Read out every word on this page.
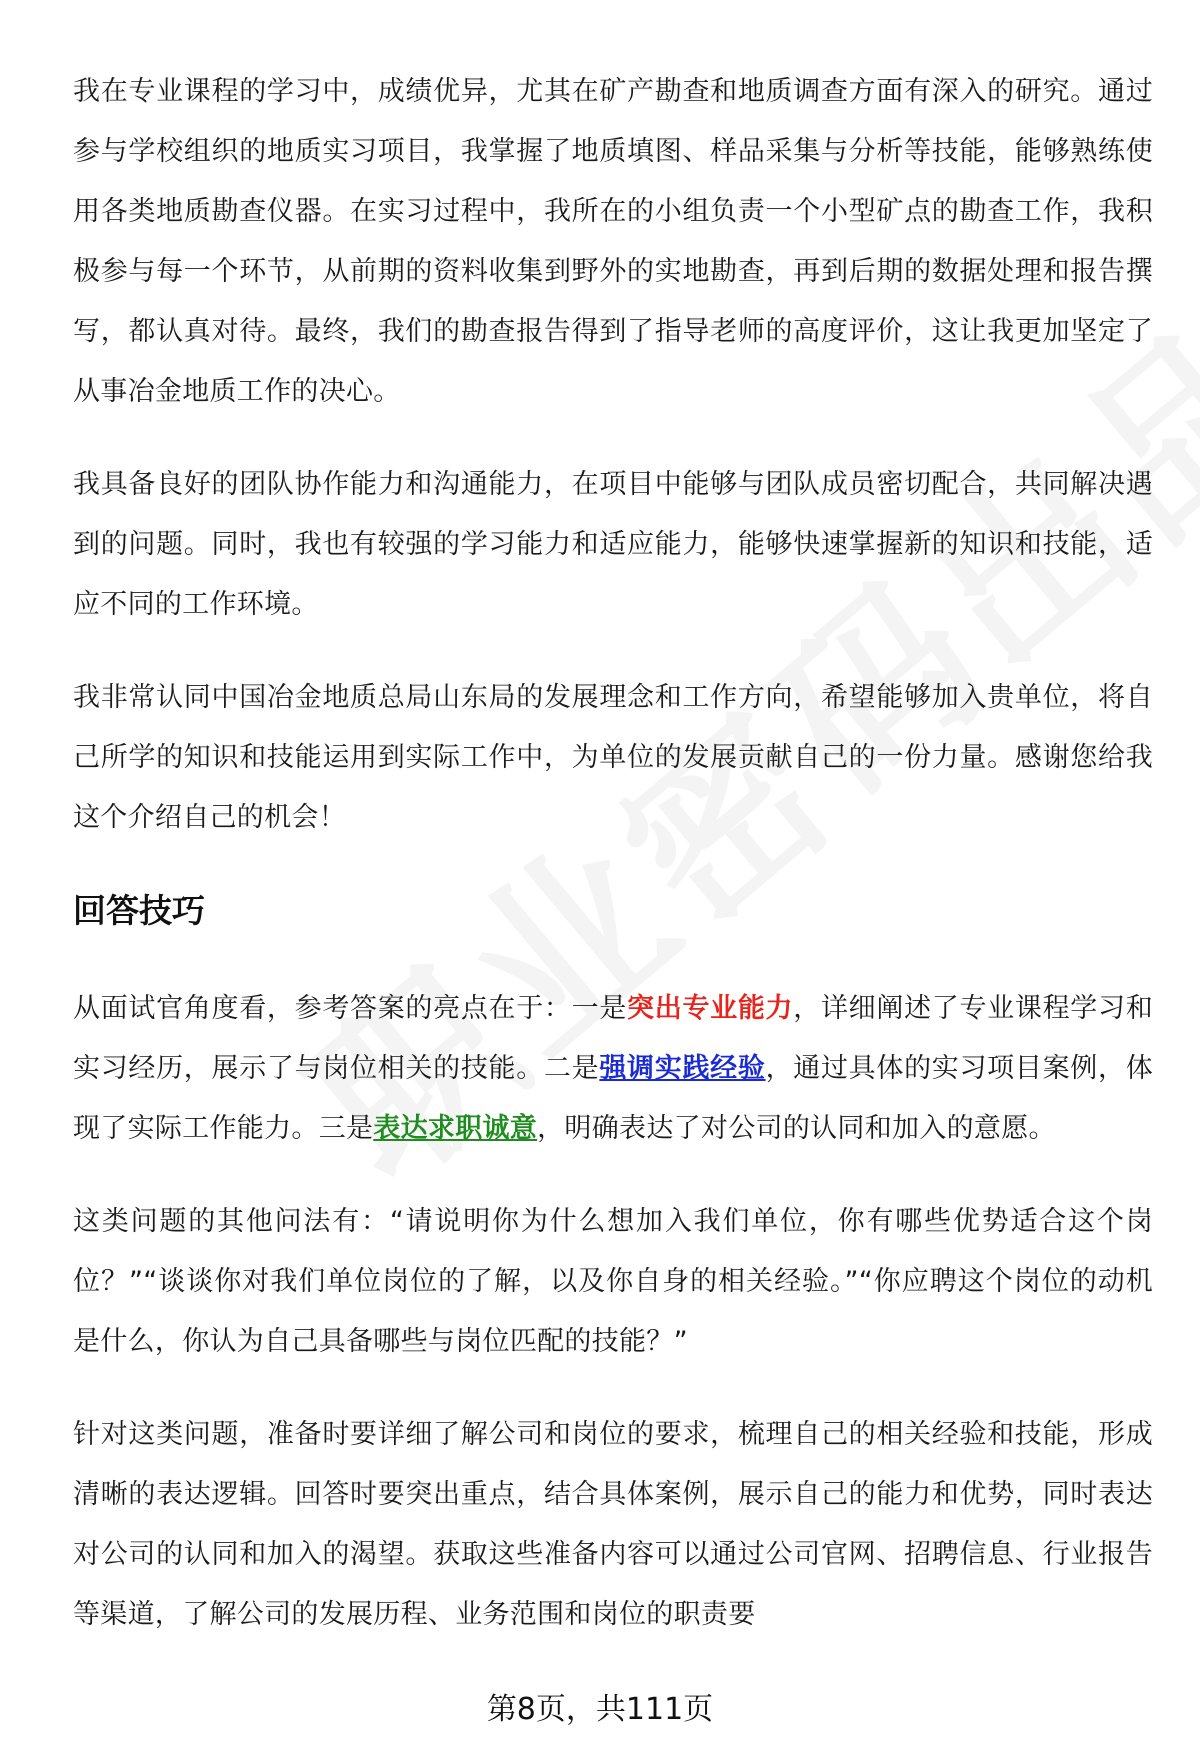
我在专业课程的学习中，成绩优异，尤其在矿产勘查和地质调查方面有深入的研究。通过参与学校组织的地质实习项目，我掌握了地质填图、样品采集与分析等技能，能够熟练使用各类地质勘查仪器。在实习过程中，我所在的小组负责一个小型矿点的勘查工作，我积极参与每一个环节，从前期的资料收集到野外的实地勘查，再到后期的数据处理和报告撰写，都认真对待。最终，我们的勘查报告得到了指导老师的高度评价，这让我更加坚定了从事冶金地质工作的决心。

我具备良好的团队协作能力和沟通能力，在项目中能够与团队成员密切配合，共同解决遇到的问题。同时，我也有较强的学习能力和适应能力，能够快速掌握新的知识和技能，适应不同的工作环境。

我非常认同中国冶金地质总局山东局的发展理念和工作方向，希望能够加入贵单位，将自己所学的知识和技能运用到实际工作中，为单位的发展贡献自己的一份力量。感谢您给我这个介绍自己的机会！

回答技巧

从面试官角度看，参考答案的亮点在于：一是突出专业能力，详细阐述了专业课程学习和实习经历，展示了与岗位相关的技能。二是强调实践经验，通过具体的实习项目案例，体现了实际工作能力。三是表达求职诚意，明确表达了对公司的认同和加入的意愿。

这类问题的其他问法有：“请说明你为什么想加入我们单位，你有哪些优势适合这个岗位？”“谈谈你对我们单位岗位的了解，以及你自身的相关经验。”“你应聘这个岗位的动机是什么，你认为自己具备哪些与岗位匹配的技能？”

针对这类问题，准备时要详细了解公司和岗位的要求，梳理自己的相关经验和技能，形成清晰的表达逻辑。回答时要突出重点，结合具体案例，展示自己的能力和优势，同时表达对公司的认同和加入的渴望。获取这些准备内容可以通过公司官网、招聘信息、行业报告等渠道，了解公司的发展历程、业务范围和岗位的职责要

第8页，共111页
